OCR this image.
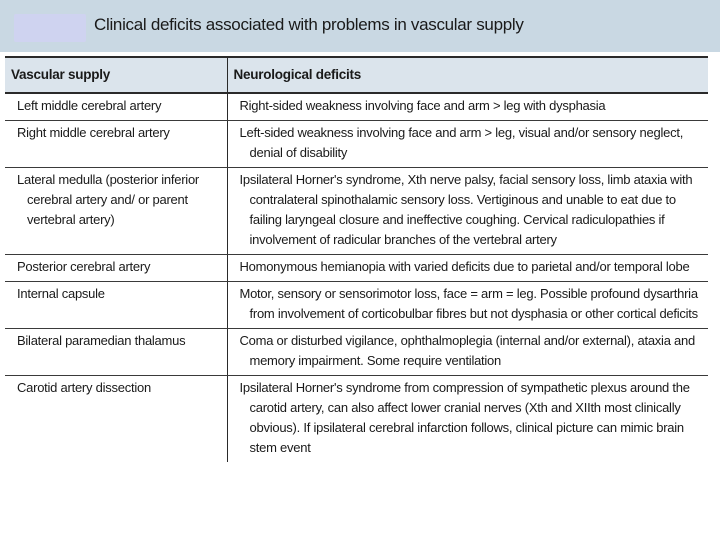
Clinical deficits associated with problems in vascular supply
Vascular supply	Neurological deficits

Left middle cerebral artery	Right-sided weakness involving face and arm > leg with dysphasia

Right middle cerebral artery	Left-sided weakness involving face and arm > leg, visual and/or sensory neglect, denial of disability

Lateral medulla (posterior inferior cerebral artery and/ or parent vertebral artery)	Ipsilateral Horner's syndrome, Xth nerve palsy, facial sensory loss, limb ataxia with contralateral spinothalamic sensory loss. Vertiginous and unable to eat due to failing laryngeal closure and ineffective coughing. Cervical radiculopathies if involvement of radicular branches of the vertebral artery

Posterior cerebral artery	Homonymous hemianopia with varied deficits due to parietal and/or temporal lobe

Internal capsule	Motor, sensory or sensorimotor loss, face = arm = leg. Possible profound dysarthria from involvement of corticobulbar fibres but not dysphasia or other cortical deficits

Bilateral paramedian thalamus	Coma or disturbed vigilance, ophthalmoplegia (internal and/or external), ataxia and memory impairment. Some require ventilation

Carotid artery dissection	Ipsilateral Horner's syndrome from compression of sympathetic plexus around the carotid artery, can also affect lower cranial nerves (Xth and XIIth most clinically obvious). If ipsilateral cerebral infarction follows, clinical picture can mimic brain stem event
